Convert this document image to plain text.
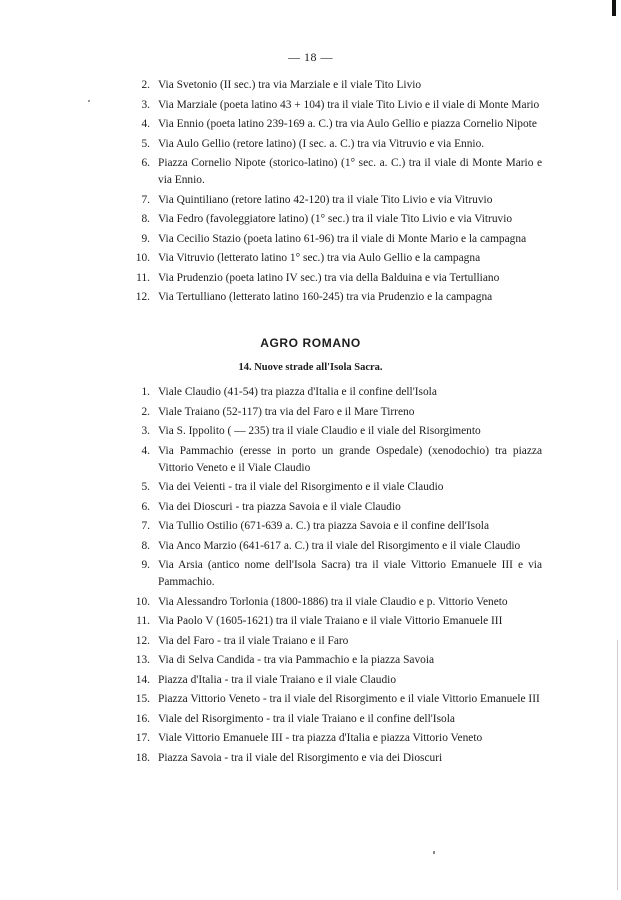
— 18 —
2. Via Svetonio (II sec.) tra via Marziale e il viale Tito Livio
3. Via Marziale (poeta latino 43 + 104) tra il viale Tito Livio e il viale di Monte Mario
4. Via Ennio (poeta latino 239-169 a. C.) tra via Aulo Gellio e piazza Cornelio Nipote
5. Via Aulo Gellio (retore latino) (I sec. a. C.) tra via Vitruvio e via Ennio.
6. Piazza Cornelio Nipote (storico-latino) (1° sec. a. C.) tra il viale di Monte Mario e via Ennio.
7. Via Quintiliano (retore latino 42-120) tra il viale Tito Livio e via Vitruvio
8. Via Fedro (favoleggiatore latino) (1° sec.) tra il viale Tito Livio e via Vitruvio
9. Via Cecilio Stazio (poeta latino 61-96) tra il viale di Monte Mario e la campagna
10. Via Vitruvio (letterato latino 1° sec.) tra via Aulo Gellio e la campagna
11. Via Prudenzio (poeta latino IV sec.) tra via della Balduina e via Tertulliano
12. Via Tertulliano (letterato latino 160-245) tra via Prudenzio e la campagna
AGRO ROMANO
14. Nuove strade all'Isola Sacra.
1. Viale Claudio (41-54) tra piazza d'Italia e il confine dell'Isola
2. Viale Traiano (52-117) tra via del Faro e il Mare Tirreno
3. Via S. Ippolito ( — 235) tra il viale Claudio e il viale del Risorgimento
4. Via Pammachio (eresse in porto un grande Ospedale) (xenodochio) tra piazza Vittorio Veneto e il Viale Claudio
5. Via dei Veienti - tra il viale del Risorgimento e il viale Claudio
6. Via dei Dioscuri - tra piazza Savoia e il viale Claudio
7. Via Tullio Ostilio (671-639 a. C.) tra piazza Savoia e il confine dell'Isola
8. Via Anco Marzio (641-617 a. C.) tra il viale del Risorgimento e il viale Claudio
9. Via Arsia (antico nome dell'Isola Sacra) tra il viale Vittorio Emanuele III e via Pammachio.
10. Via Alessandro Torlonia (1800-1886) tra il viale Claudio e p. Vittorio Veneto
11. Via Paolo V (1605-1621) tra il viale Traiano e il viale Vittorio Emanuele III
12. Via del Faro - tra il viale Traiano e il Faro
13. Via di Selva Candida - tra via Pammachio e la piazza Savoia
14. Piazza d'Italia - tra il viale Traiano e il viale Claudio
15. Piazza Vittorio Veneto - tra il viale del Risorgimento e il viale Vittorio Emanuele III
16. Viale del Risorgimento - tra il viale Traiano e il confine dell'Isola
17. Viale Vittorio Emanuele III - tra piazza d'Italia e piazza Vittorio Veneto
18. Piazza Savoia - tra il viale del Risorgimento e via dei Dioscuri
